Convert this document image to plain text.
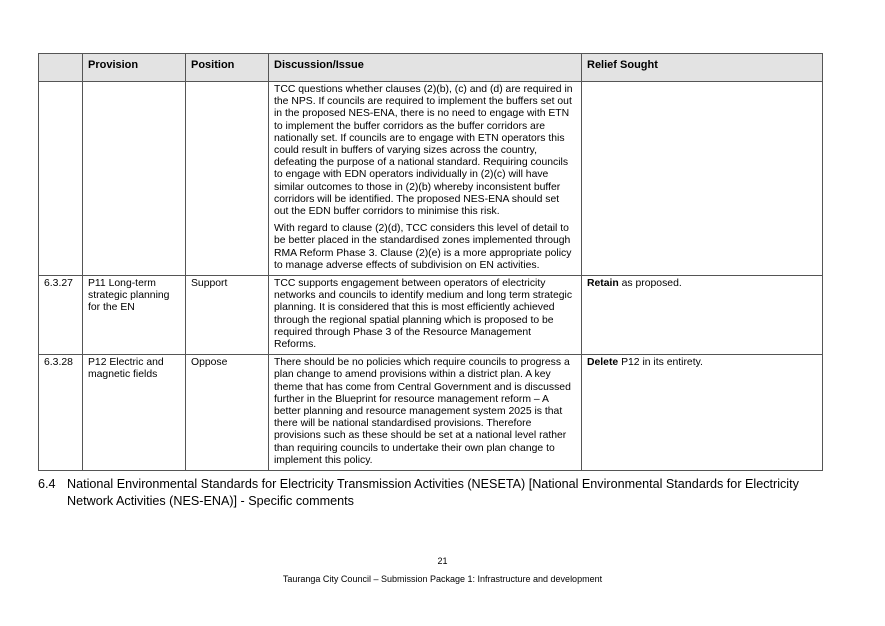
	Provision	Position	Discussion/Issue	Relief Sought

			TCC questions whether clauses (2)(b), (c) and (d) are required in the NPS. If councils are required to implement the buffers set out in the proposed NES-ENA, there is no need to engage with ETN to implement the buffer corridors as the buffer corridors are nationally set. If councils are to engage with ETN operators this could result in buffers of varying sizes across the country, defeating the purpose of a national standard. Requiring councils to engage with EDN operators individually in (2)(c) will have similar outcomes to those in (2)(b) whereby inconsistent buffer corridors will be identified. The proposed NES-ENA should set out the EDN buffer corridors to minimise this risk.

With regard to clause (2)(d), TCC considers this level of detail to be better placed in the standardised zones implemented through RMA Reform Phase 3. Clause (2)(e) is a more appropriate policy to manage adverse effects of subdivision on EN activities.	

6.3.27	P11 Long-term strategic planning for the EN	Support	TCC supports engagement between operators of electricity networks and councils to identify medium and long term strategic planning. It is considered that this is most efficiently achieved through the regional spatial planning which is proposed to be required through Phase 3 of the Resource Management Reforms.	Retain as proposed.
6.3.28	P12 Electric and magnetic fields	Oppose	There should be no policies which require councils to progress a plan change to amend provisions within a district plan. A key theme that has come from Central Government and is discussed further in the Blueprint for resource management reform – A better planning and resource management system 2025 is that there will be national standardised provisions. Therefore provisions such as these should be set at a national level rather than requiring councils to undertake their own plan change to implement this policy.	Delete P12 in its entirety.
6.4 National Environmental Standards for Electricity Transmission Activities (NESETA) [National Environmental Standards for Electricity Network Activities (NES-ENA)] - Specific comments
21
Tauranga City Council – Submission Package 1: Infrastructure and development
